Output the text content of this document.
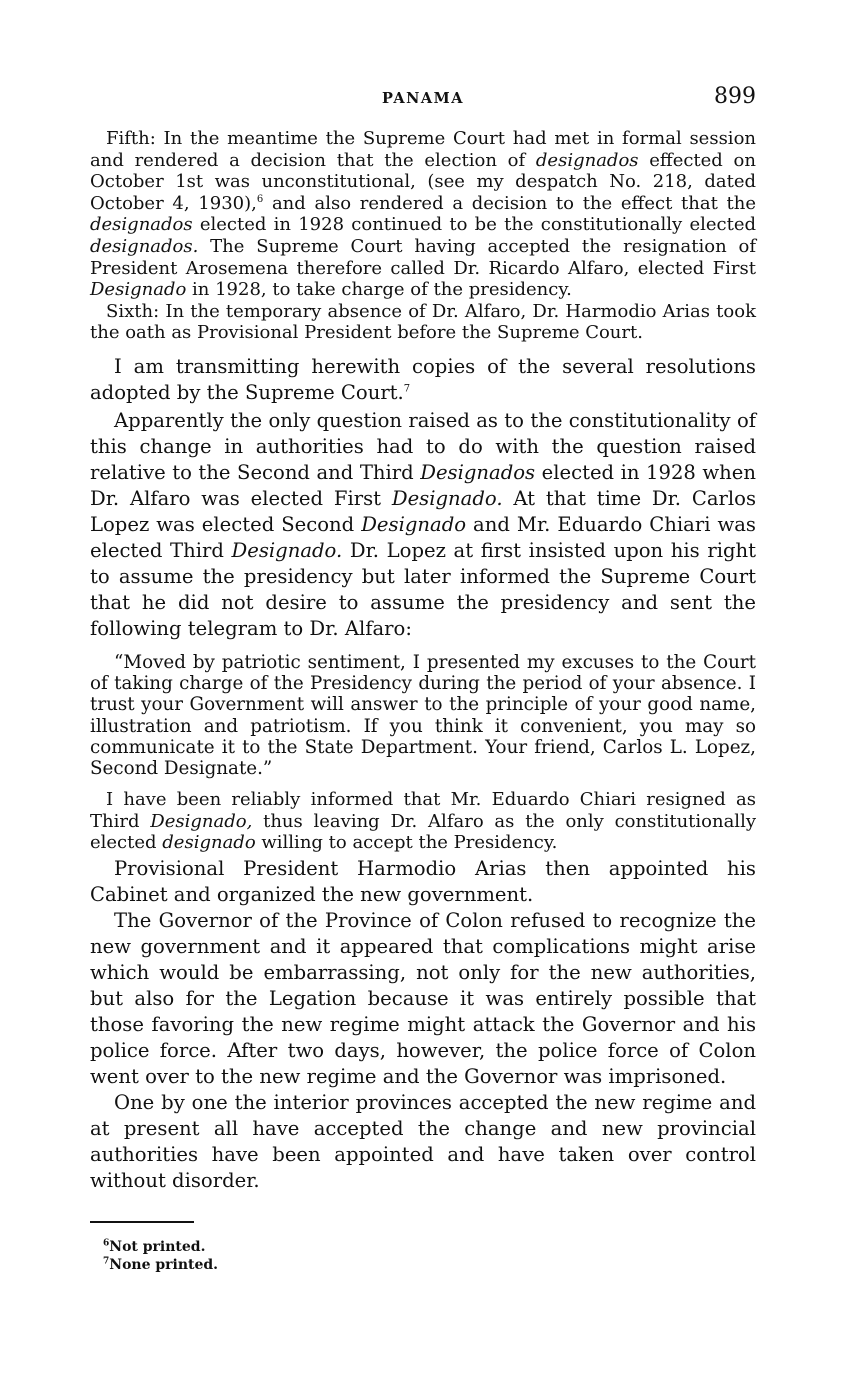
PANAMA	899

Fifth: In the meantime the Supreme Court had met in formal session and rendered a decision that the election of designados effected on October 1st was unconstitutional, (see my despatch No. 218, dated October 4, 1930),$^6$ and also rendered a decision to the effect that the designados elected in 1928 continued to be the constitutionally elected designados. The Supreme Court having accepted the resignation of President Arosemena therefore called Dr. Ricardo Alfaro, elected First Designado in 1928, to take charge of the presidency.

Sixth: In the temporary absence of Dr. Alfaro, Dr. Harmodio Arias took the oath as Provisional President before the Supreme Court.

I am transmitting herewith copies of the several resolutions adopted by the Supreme Court.$^7$

Apparently the only question raised as to the constitutionality of this change in authorities had to do with the question raised relative to the Second and Third Designados elected in 1928 when Dr. Alfaro was elected First Designado. At that time Dr. Carlos Lopez was elected Second Designado and Mr. Eduardo Chiari was elected Third Designado. Dr. Lopez at first insisted upon his right to assume the presidency but later informed the Supreme Court that he did not desire to assume the presidency and sent the following telegram to Dr. Alfaro:

“Moved by patriotic sentiment, I presented my excuses to the Court of taking charge of the Presidency during the period of your absence. I trust your Government will answer to the principle of your good name, illustration and patriotism. If you think it convenient, you may so communicate it to the State Department. Your friend, Carlos L. Lopez, Second Designate.”

I have been reliably informed that Mr. Eduardo Chiari resigned as Third Designado, thus leaving Dr. Alfaro as the only constitutionally elected designado willing to accept the Presidency.

Provisional President Harmodio Arias then appointed his Cabinet and organized the new government.

The Governor of the Province of Colon refused to recognize the new government and it appeared that complications might arise which would be embarrassing, not only for the new authorities, but also for the Legation because it was entirely possible that those favoring the new regime might attack the Governor and his police force. After two days, however, the police force of Colon went over to the new regime and the Governor was imprisoned.

One by one the interior provinces accepted the new regime and at present all have accepted the change and new provincial authorities have been appointed and have taken over control without disorder.

$^6$Not printed.
$^7$None printed.
